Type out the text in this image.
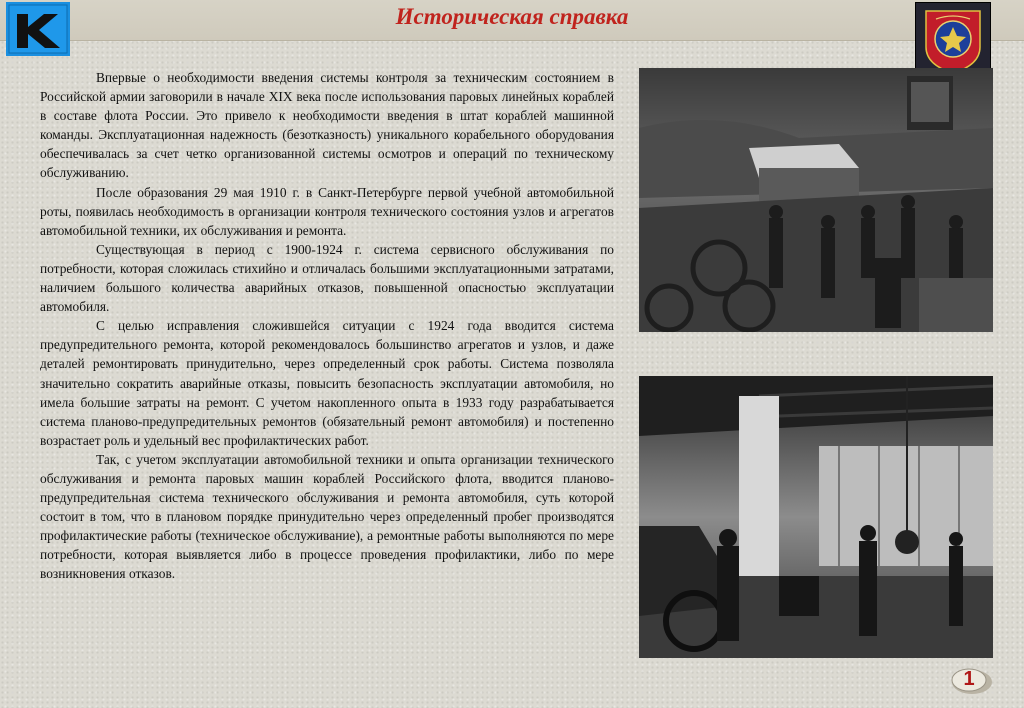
Историческая справка

Впервые о необходимости введения системы контроля за техническим состоянием в Российской армии заговорили в начале XIX века после использования паровых линейных кораблей в составе флота России. Это привело к необходимости введения в штат кораблей машинной команды. Эксплуатационная надежность (безотказность) уникального корабельного оборудования обеспечивалась за счет четко организованной системы осмотров и операций по техническому обслуживанию.

После образования 29 мая 1910 г. в Санкт-Петербурге первой учебной автомобильной роты, появилась необходимость в организации контроля технического состояния узлов и агрегатов автомобильной техники, их обслуживания и ремонта.

Существующая в период с 1900-1924 г. система сервисного обслуживания по потребности, которая сложилась стихийно и отличалась большими эксплуатационными затратами, наличием большого количества аварийных отказов, повышенной опасностью эксплуатации автомобиля.

С целью исправления сложившейся ситуации с 1924 года вводится система предупредительного ремонта, которой рекомендовалось большинство агрегатов и узлов, и даже деталей ремонтировать принудительно, через определенный срок работы. Система позволяла значительно сократить аварийные отказы, повысить безопасность эксплуатации автомобиля, но имела большие затраты на ремонт. С учетом накопленного опыта в 1933 году разрабатывается система планово-предупредительных ремонтов (обязательный ремонт автомобиля) и постепенно возрастает роль и удельный вес профилактических работ.

Так, с учетом эксплуатации автомобильной техники и опыта организации технического обслуживания и ремонта паровых машин кораблей Российского флота, вводится планово-предупредительная система технического обслуживания и ремонта автомобиля, суть которой состоит в том, что в плановом порядке принудительно через определенный пробег производятся профилактические работы (техническое обслуживание), а ремонтные работы выполняются по мере потребности, которая выявляется либо в процессе проведения профилактики, либо по мере возникновения отказов.

1
